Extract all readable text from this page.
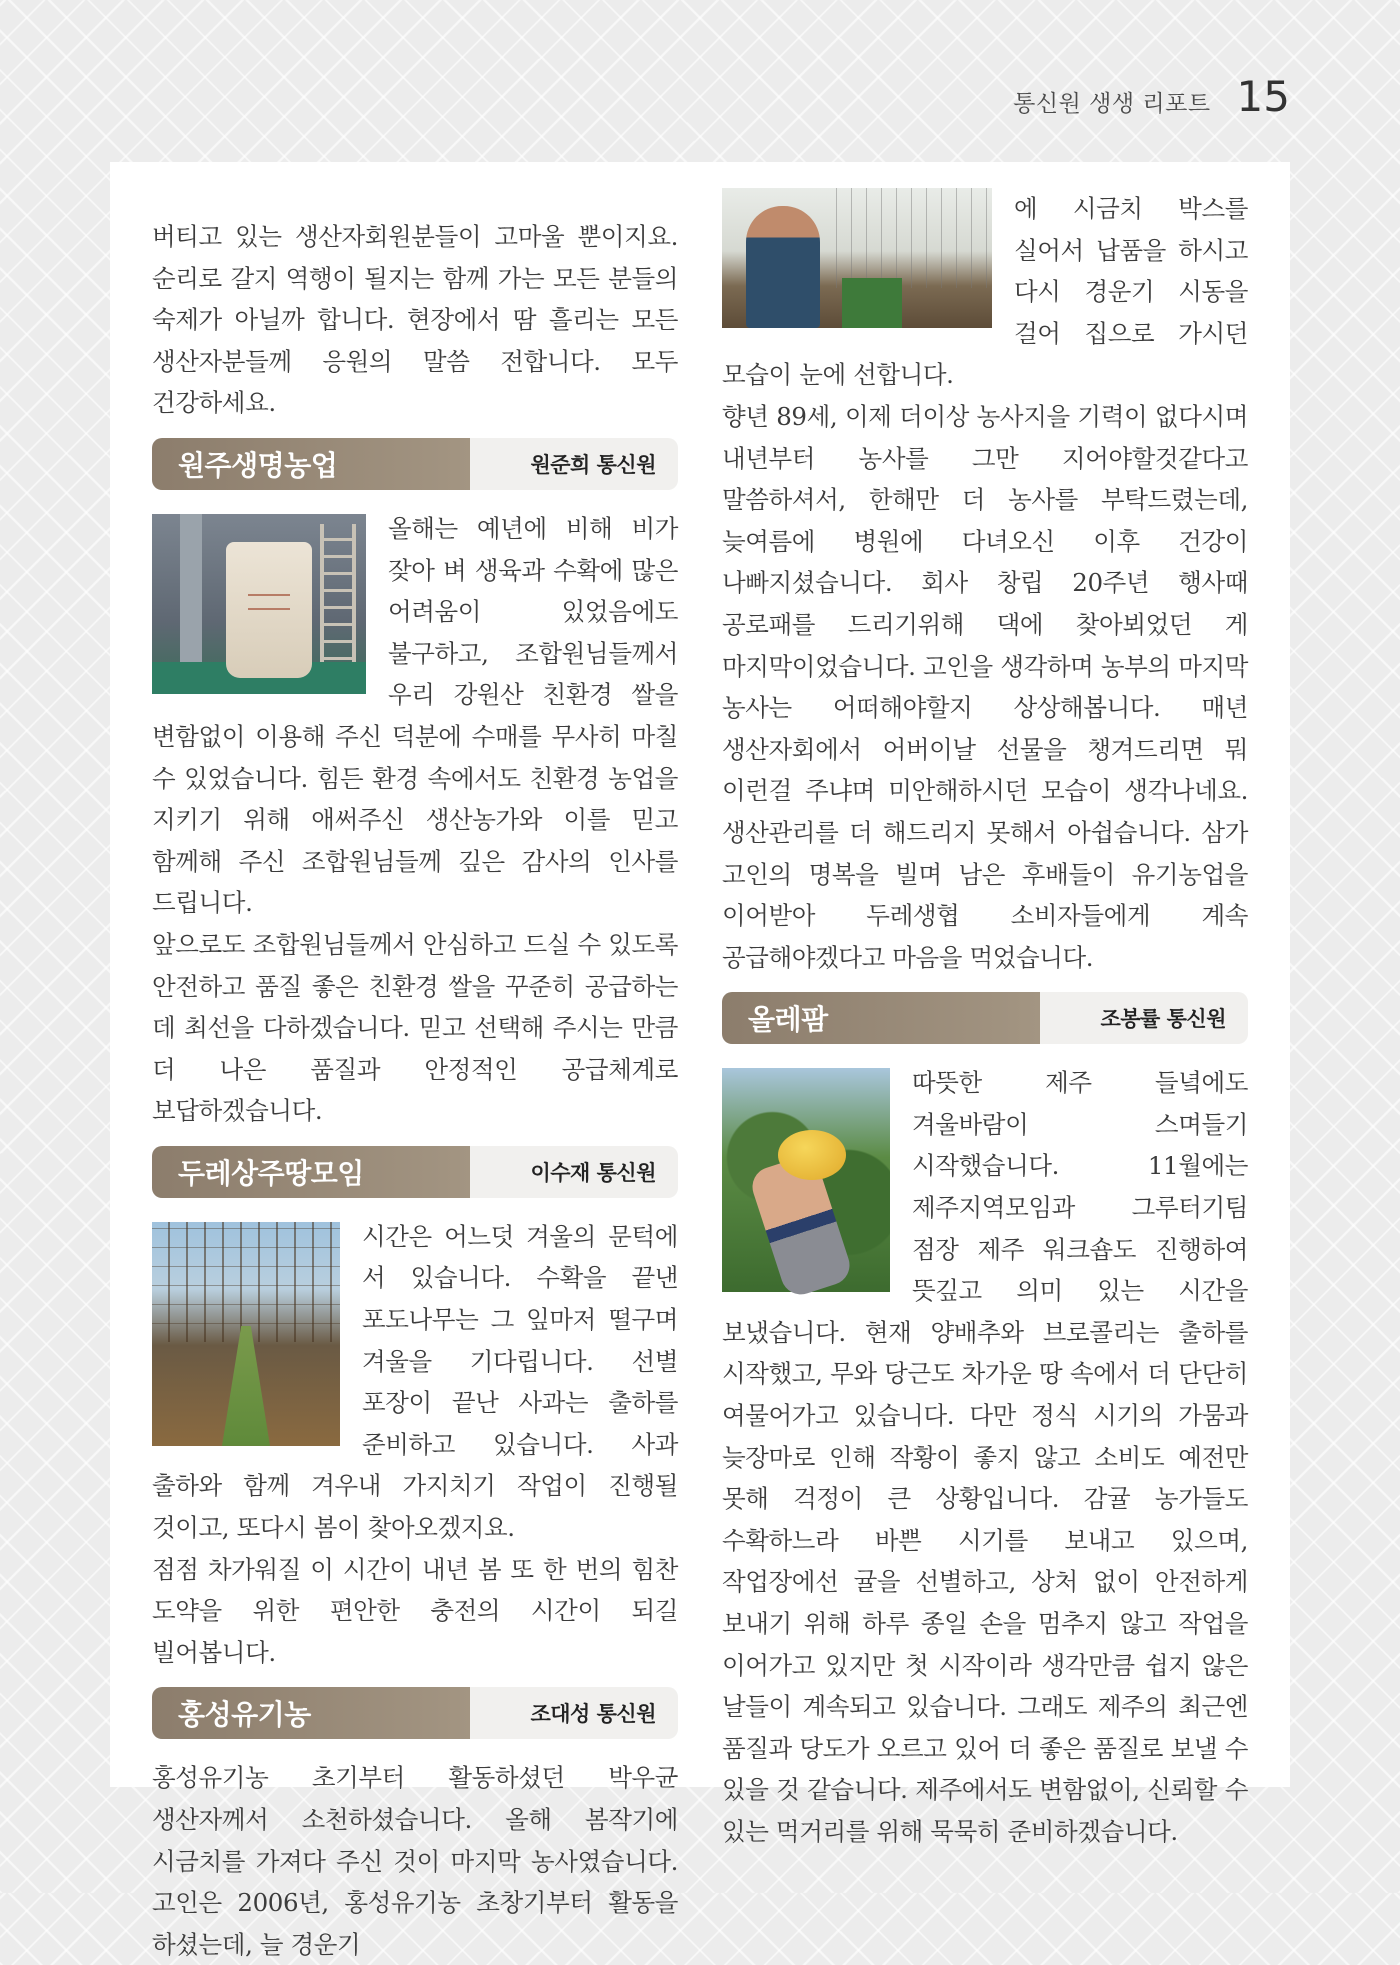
통신원 생생 리포트 15

버티고 있는 생산자회원분들이 고마울 뿐이지요. 순리로 갈지 역행이 될지는 함께 가는 모든 분들의 숙제가 아닐까 합니다. 현장에서 땀 흘리는 모든 생산자분들께 응원의 말씀 전합니다. 모두 건강하세요.

원주생명농업	원준희 통신원

올해는 예년에 비해 비가 잦아 벼 생육과 수확에 많은 어려움이 있었음에도 불구하고, 조합원님들께서 우리 강원산 친환경 쌀을 변함없이 이용해 주신 덕분에 수매를 무사히 마칠 수 있었습니다. 힘든 환경 속에서도 친환경 농업을 지키기 위해 애써주신 생산농가와 이를 믿고 함께해 주신 조합원님들께 깊은 감사의 인사를 드립니다.

앞으로도 조합원님들께서 안심하고 드실 수 있도록 안전하고 품질 좋은 친환경 쌀을 꾸준히 공급하는 데 최선을 다하겠습니다. 믿고 선택해 주시는 만큼 더 나은 품질과 안정적인 공급체계로 보답하겠습니다.

두레상주땅모임	이수재 통신원

시간은 어느덧 겨울의 문턱에 서 있습니다. 수확을 끝낸 포도나무는 그 잎마저 떨구며 겨울을 기다립니다. 선별 포장이 끝난 사과는 출하를 준비하고 있습니다. 사과 출하와 함께 겨우내 가지치기 작업이 진행될 것이고, 또다시 봄이 찾아오겠지요.

점점 차가워질 이 시간이 내년 봄 또 한 번의 힘찬 도약을 위한 편안한 충전의 시간이 되길 빌어봅니다.

홍성유기농	조대성 통신원

홍성유기농 초기부터 활동하셨던 박우균 생산자께서 소천하셨습니다. 올해 봄작기에 시금치를 가져다 주신 것이 마지막 농사였습니다. 고인은 2006년, 홍성유기농 초창기부터 활동을 하셨는데, 늘 경운기

에 시금치 박스를 실어서 납품을 하시고 다시 경운기 시동을 걸어 집으로 가시던 모습이 눈에 선합니다.

향년 89세, 이제 더이상 농사지을 기력이 없다시며 내년부터 농사를 그만 지어야할것같다고 말씀하셔서, 한해만 더 농사를 부탁드렸는데, 늦여름에 병원에 다녀오신 이후 건강이 나빠지셨습니다. 회사 창립 20주년 행사때 공로패를 드리기위해 댁에 찾아뵈었던 게 마지막이었습니다. 고인을 생각하며 농부의 마지막 농사는 어떠해야할지 상상해봅니다. 매년 생산자회에서 어버이날 선물을 챙겨드리면 뭐 이런걸 주냐며 미안해하시던 모습이 생각나네요. 생산관리를 더 해드리지 못해서 아쉽습니다. 삼가 고인의 명복을 빌며 남은 후배들이 유기농업을 이어받아 두레생협 소비자들에게 계속 공급해야겠다고 마음을 먹었습니다.

올레팜	조봉률 통신원

따뜻한 제주 들녘에도 겨울바람이 스며들기 시작했습니다. 11월에는 제주지역모임과 그루터기팀 점장 제주 워크숍도 진행하여 뜻깊고 의미 있는 시간을 보냈습니다. 현재 양배추와 브로콜리는 출하를 시작했고, 무와 당근도 차가운 땅 속에서 더 단단히 여물어가고 있습니다. 다만 정식 시기의 가뭄과 늦장마로 인해 작황이 좋지 않고 소비도 예전만 못해 걱정이 큰 상황입니다. 감귤 농가들도 수확하느라 바쁜 시기를 보내고 있으며, 작업장에선 귤을 선별하고, 상처 없이 안전하게 보내기 위해 하루 종일 손을 멈추지 않고 작업을 이어가고 있지만 첫 시작이라 생각만큼 쉽지 않은 날들이 계속되고 있습니다. 그래도 제주의 최근엔 품질과 당도가 오르고 있어 더 좋은 품질로 보낼 수 있을 것 같습니다. 제주에서도 변함없이, 신뢰할 수 있는 먹거리를 위해 묵묵히 준비하겠습니다.
